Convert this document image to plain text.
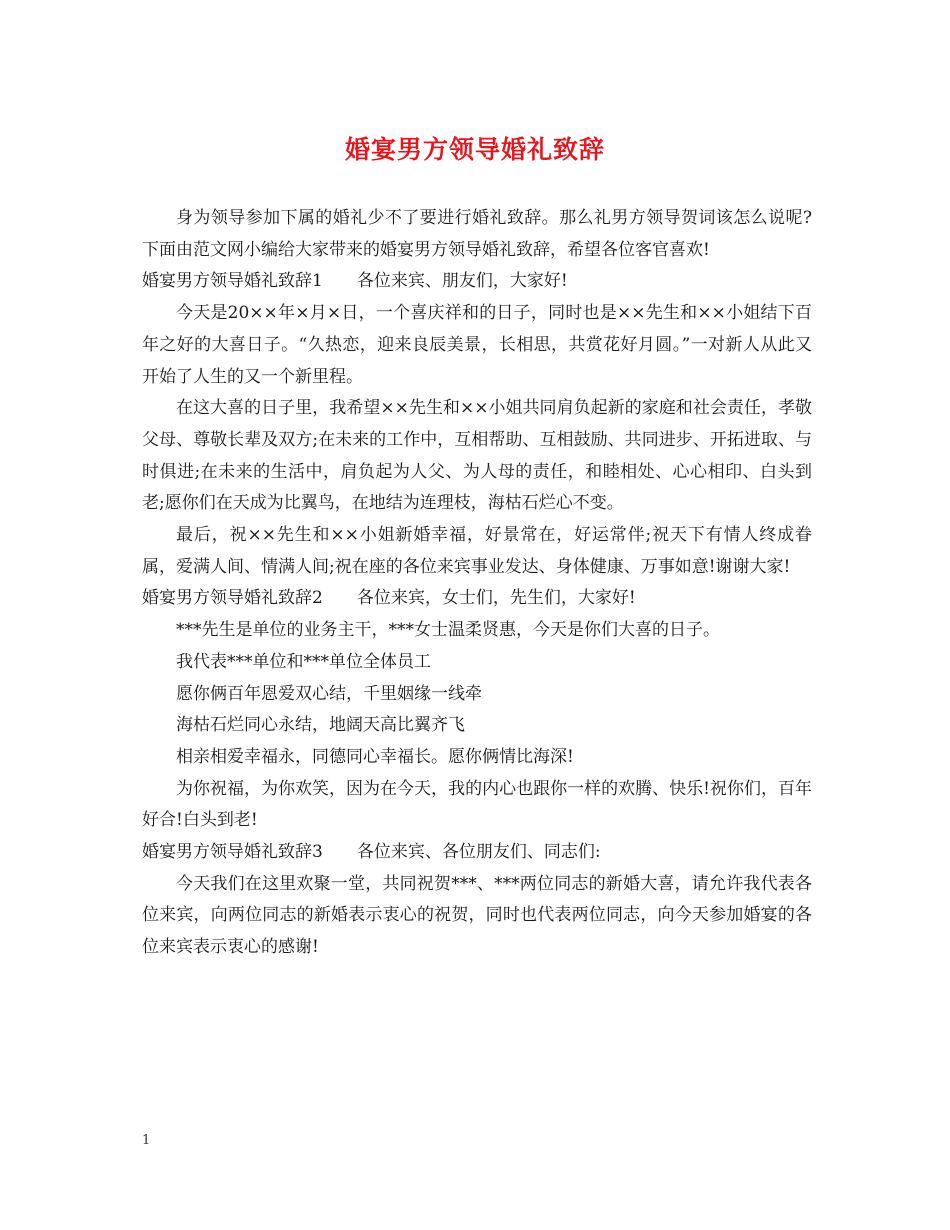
婚宴男方领导婚礼致辞

身为领导参加下属的婚礼少不了要进行婚礼致辞。那么礼男方领导贺词该怎么说呢?下面由范文网小编给大家带来的婚宴男方领导婚礼致辞，希望各位客官喜欢!

婚宴男方领导婚礼致辞1　　各位来宾、朋友们，大家好!

今天是20××年×月×日，一个喜庆祥和的日子，同时也是××先生和××小姐结下百年之好的大喜日子。“久热恋，迎来良辰美景，长相思，共赏花好月圆。”一对新人从此又开始了人生的又一个新里程。

在这大喜的日子里，我希望××先生和××小姐共同肩负起新的家庭和社会责任，孝敬父母、尊敬长辈及双方;在未来的工作中，互相帮助、互相鼓励、共同进步、开拓进取、与时俱进;在未来的生活中，肩负起为人父、为人母的责任，和睦相处、心心相印、白头到老;愿你们在天成为比翼鸟，在地结为连理枝，海枯石烂心不变。

最后，祝××先生和××小姐新婚幸福，好景常在，好运常伴;祝天下有情人终成眷属，爱满人间、情满人间;祝在座的各位来宾事业发达、身体健康、万事如意!谢谢大家!

婚宴男方领导婚礼致辞2　　各位来宾，女士们，先生们，大家好!

***先生是单位的业务主干，***女士温柔贤惠，今天是你们大喜的日子。

我代表***单位和***单位全体员工

愿你俩百年恩爱双心结，千里姻缘一线牵

海枯石烂同心永结，地阔天高比翼齐飞

相亲相爱幸福永，同德同心幸福长。愿你俩情比海深!

为你祝福，为你欢笑，因为在今天，我的内心也跟你一样的欢腾、快乐!祝你们，百年好合!白头到老!

婚宴男方领导婚礼致辞3　　各位来宾、各位朋友们、同志们:

今天我们在这里欢聚一堂，共同祝贺***、***两位同志的新婚大喜，请允许我代表各位来宾，向两位同志的新婚表示衷心的祝贺，同时也代表两位同志，向今天参加婚宴的各位来宾表示衷心的感谢!

1
